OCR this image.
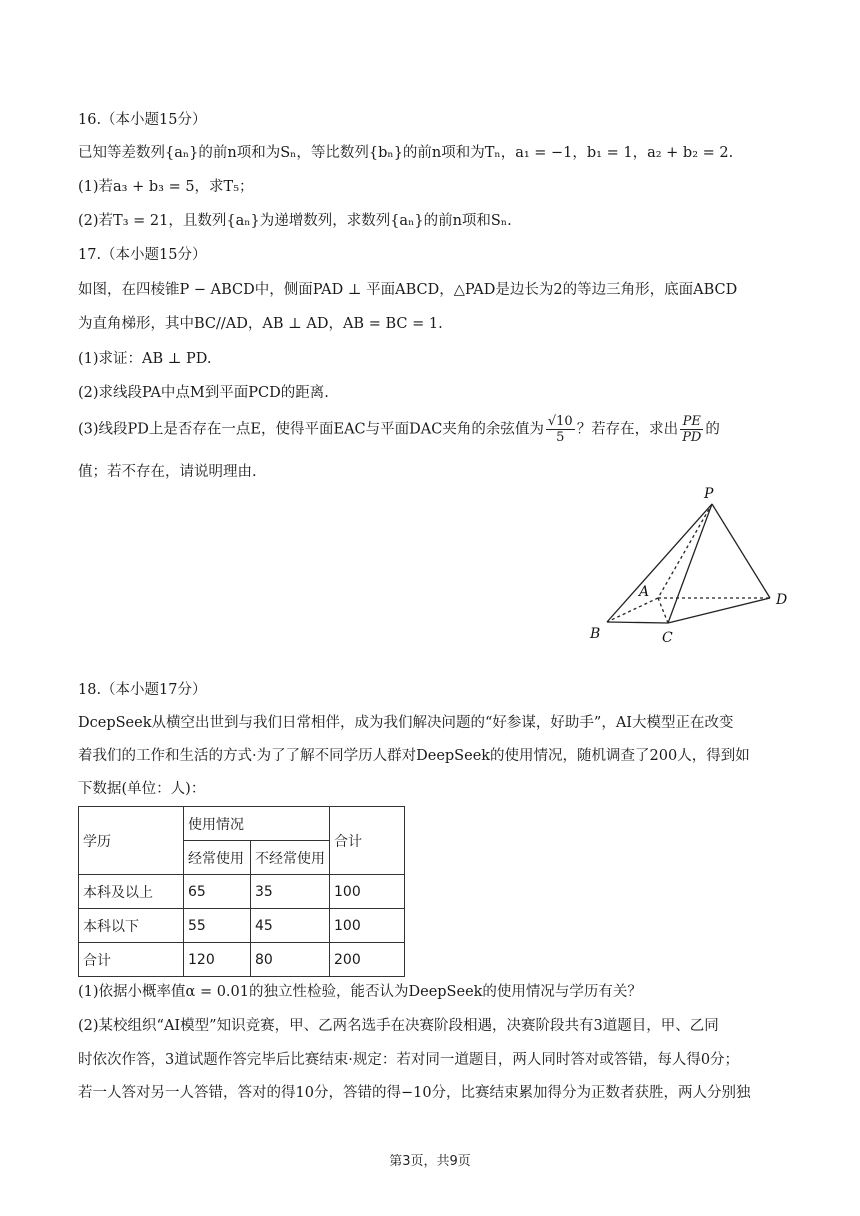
16.（本小题15分）
已知等差数列{aₙ}的前n项和为Sₙ，等比数列{bₙ}的前n项和为Tₙ，a₁ = −1，b₁ = 1，a₂ + b₂ = 2.
(1)若a₃ + b₃ = 5，求T₅；
(2)若T₃ = 21，且数列{aₙ}为递增数列，求数列{aₙ}的前n项和Sₙ.
17.（本小题15分）
如图，在四棱锥P − ABCD中，侧面PAD ⊥ 平面ABCD，△PAD是边长为2的等边三角形，底面ABCD
为直角梯形，其中BC//AD，AB ⊥ AD，AB = BC = 1.
(1)求证：AB ⊥ PD.
(2)求线段PA中点M到平面PCD的距离.
(3)线段PD上是否存在一点E，使得平面EAC与平面DAC夹角的余弦值为 $\frac{√10}{5}$ ？若存在，求出 $\frac{PE}{PD}$ 的
值；若不存在，请说明理由.
P
A
B	C
D
18.（本小题17分）
DcepSeek从横空出世到与我们日常相伴，成为我们解决问题的“好参谋，好助手”，AI大模型正在改变
着我们的工作和生活的方式·为了了解不同学历人群对DeepSeek的使用情况，随机调查了200人，得到如
下数据(单位：人)：
学历	使用情况		合计
	经常使用	不经常使用	
本科及以上	65	35	100
本科以下	55	45	100
合计	120	80	200
(1)依据小概率值α = 0.01的独立性检验，能否认为DeepSeek的使用情况与学历有关？
(2)某校组织“AI模型”知识竞赛，甲、乙两名选手在决赛阶段相遇，决赛阶段共有3道题目，甲、乙同
时依次作答，3道试题作答完毕后比赛结束·规定：若对同一道题目，两人同时答对或答错，每人得0分；
若一人答对另一人答错，答对的得10分，答错的得−10分，比赛结束累加得分为正数者获胜，两人分别独
第3页，共9页
